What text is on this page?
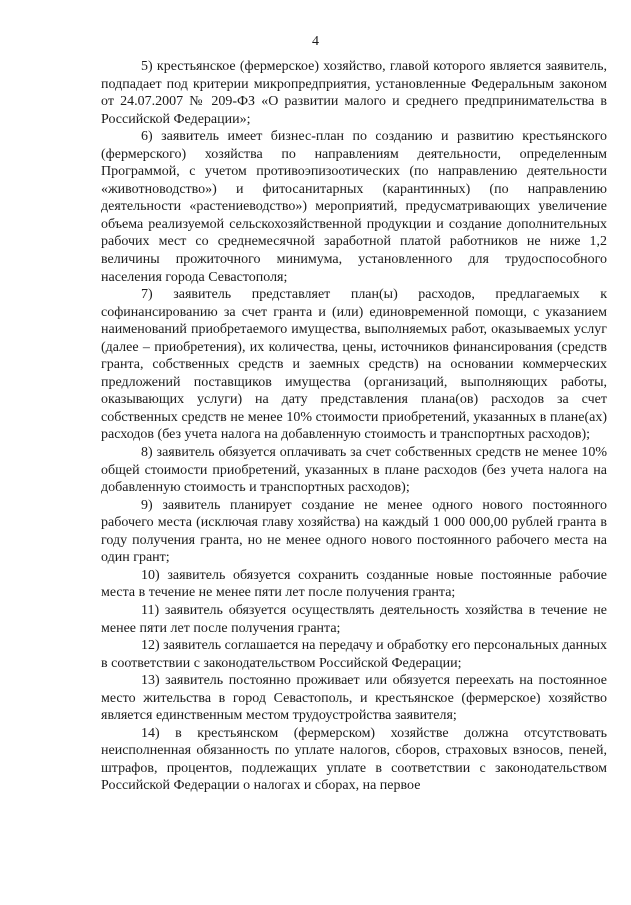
4

5) крестьянское (фермерское) хозяйство, главой которого является заявитель, подпадает под критерии микропредприятия, установленные Федеральным законом от 24.07.2007 № 209-ФЗ «О развитии малого и среднего предпринимательства в Российской Федерации»;

6) заявитель имеет бизнес-план по созданию и развитию крестьянского (фермерского) хозяйства по направлениям деятельности, определенным Программой, с учетом противоэпизоотических (по направлению деятельности «животноводство») и фитосанитарных (карантинных) (по направлению деятельности «растениеводство») мероприятий, предусматривающих увеличение объема реализуемой сельскохозяйственной продукции и создание дополнительных рабочих мест со среднемесячной заработной платой работников не ниже 1,2 величины прожиточного минимума, установленного для трудоспособного населения города Севастополя;

7) заявитель представляет план(ы) расходов, предлагаемых к софинансированию за счет гранта и (или) единовременной помощи, с указанием наименований приобретаемого имущества, выполняемых работ, оказываемых услуг (далее – приобретения), их количества, цены, источников финансирования (средств гранта, собственных средств и заемных средств) на основании коммерческих предложений поставщиков имущества (организаций, выполняющих работы, оказывающих услуги) на дату представления плана(ов) расходов за счет собственных средств не менее 10% стоимости приобретений, указанных в плане(ах) расходов (без учета налога на добавленную стоимость и транспортных расходов);

8) заявитель обязуется оплачивать за счет собственных средств не менее 10% общей стоимости приобретений, указанных в плане расходов (без учета налога на добавленную стоимость и транспортных расходов);

9) заявитель планирует создание не менее одного нового постоянного рабочего места (исключая главу хозяйства) на каждый 1 000 000,00 рублей гранта в году получения гранта, но не менее одного нового постоянного рабочего места на один грант;

10) заявитель обязуется сохранить созданные новые постоянные рабочие места в течение не менее пяти лет после получения гранта;

11) заявитель обязуется осуществлять деятельность хозяйства в течение не менее пяти лет после получения гранта;

12) заявитель соглашается на передачу и обработку его персональных данных в соответствии с законодательством Российской Федерации;

13) заявитель постоянно проживает или обязуется переехать на постоянное место жительства в город Севастополь, и крестьянское (фермерское) хозяйство является единственным местом трудоустройства заявителя;

14) в крестьянском (фермерском) хозяйстве должна отсутствовать неисполненная обязанность по уплате налогов, сборов, страховых взносов, пеней, штрафов, процентов, подлежащих уплате в соответствии с законодательством Российской Федерации о налогах и сборах, на первое
